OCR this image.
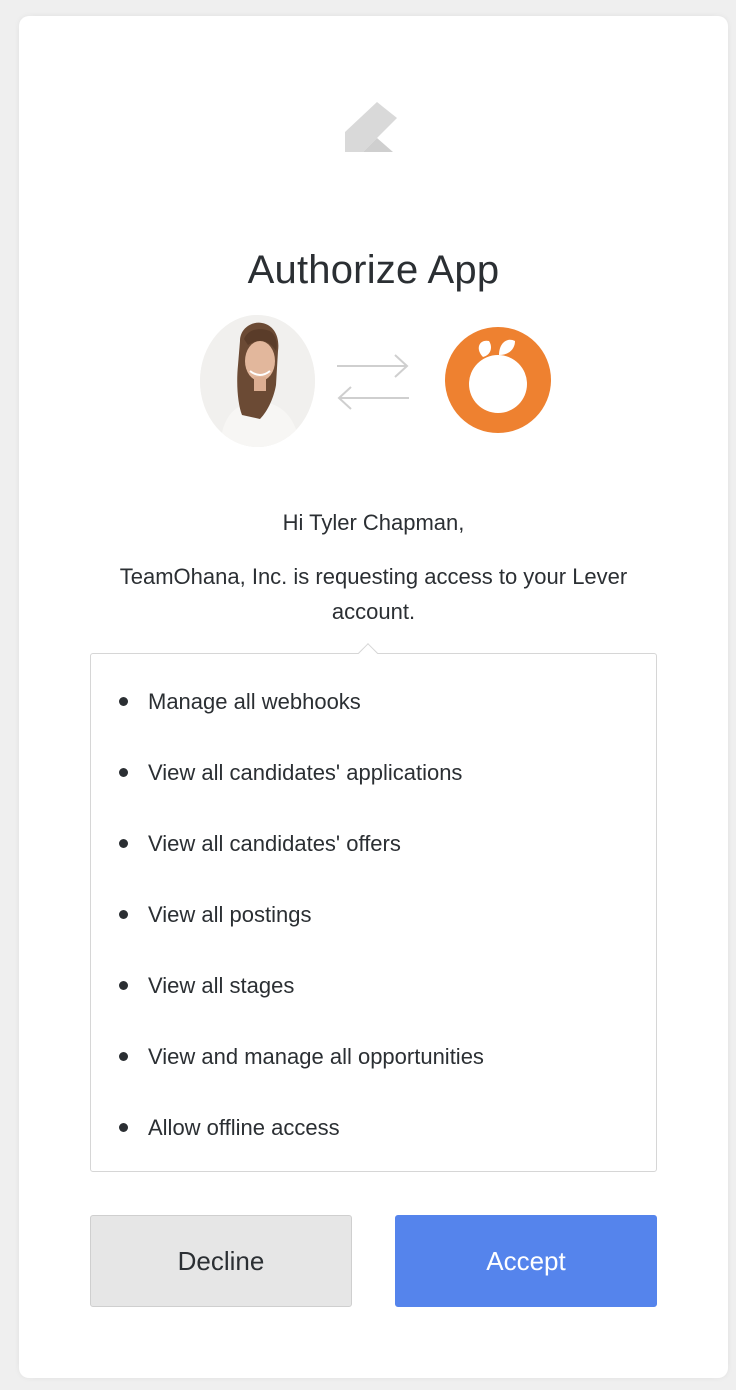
Authorize App

Hi Tyler Chapman,

TeamOhana, Inc. is requesting access to your Lever account.

Manage all webhooks
View all candidates' applications
View all candidates' offers
View all postings
View all stages
View and manage all opportunities
Allow offline access
Decline	Accept
